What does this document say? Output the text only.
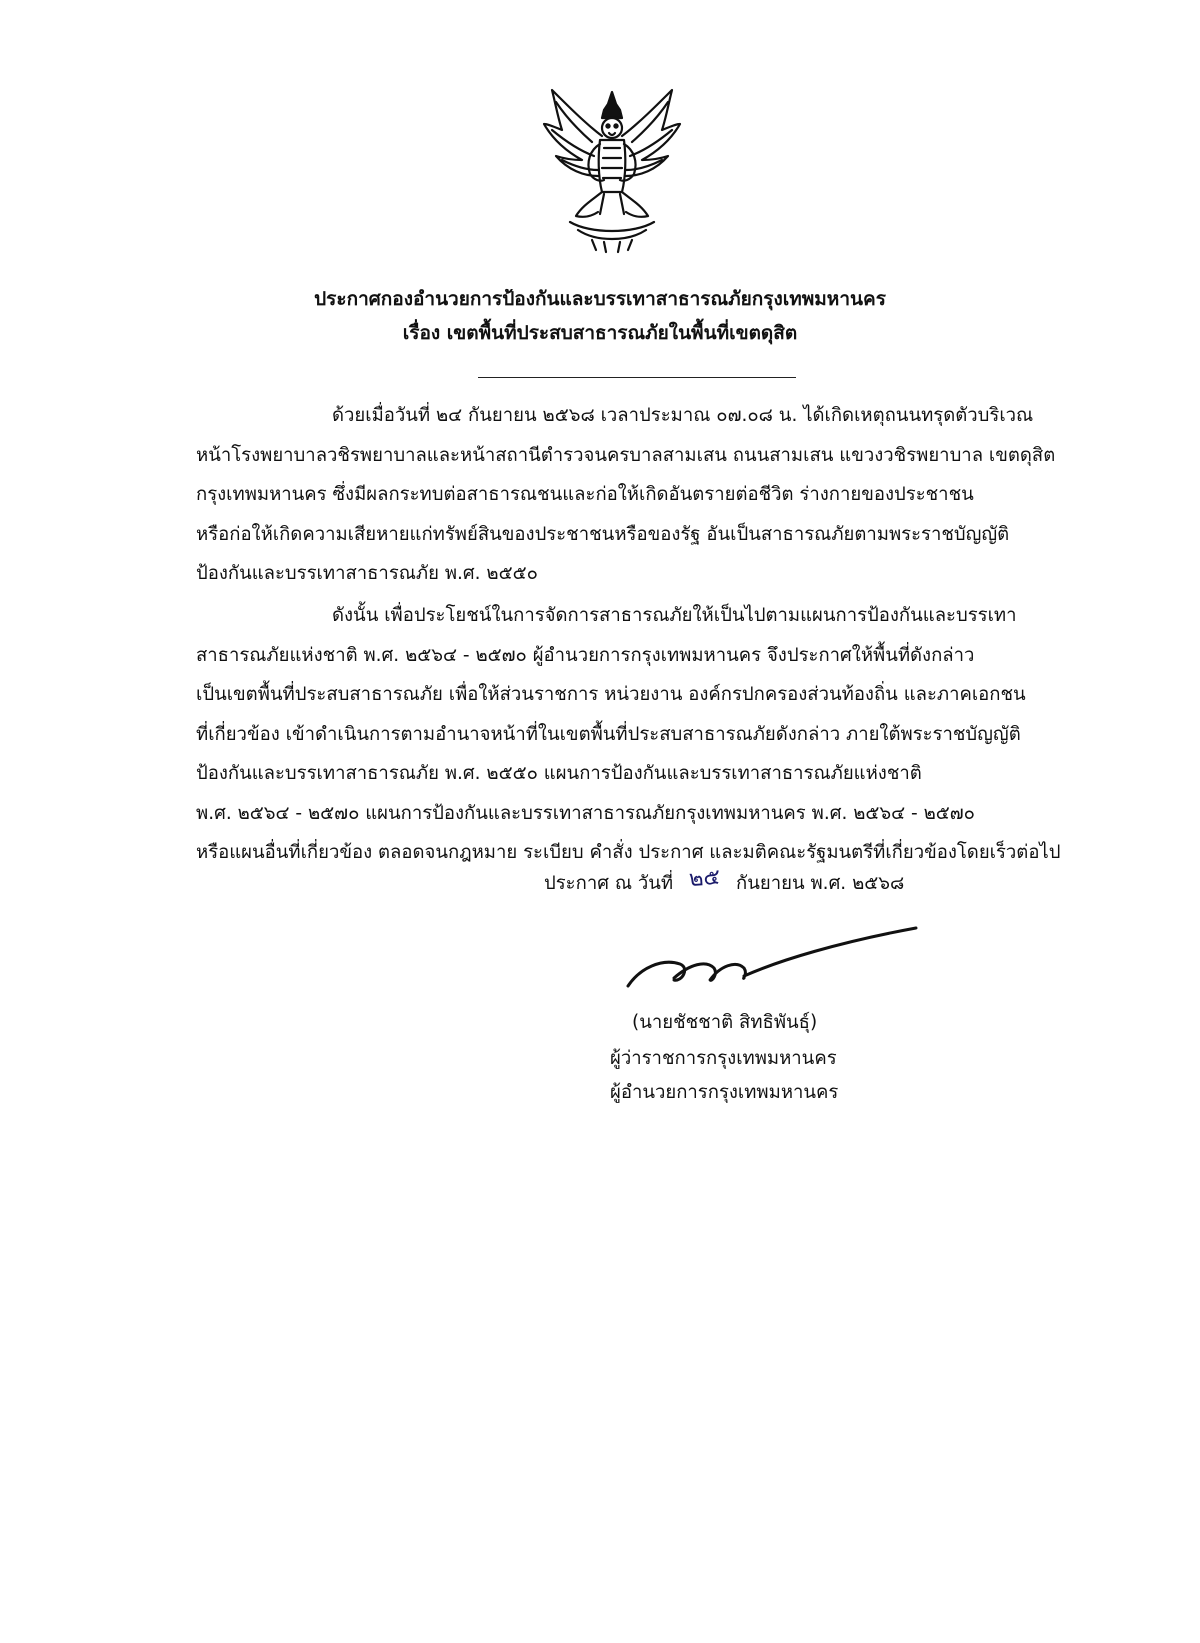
ประกาศกองอำนวยการป้องกันและบรรเทาสาธารณภัยกรุงเทพมหานคร
เรื่อง เขตพื้นที่ประสบสาธารณภัยในพื้นที่เขตดุสิต
ด้วยเมื่อวันที่ ๒๔ กันยายน ๒๕๖๘ เวลาประมาณ ๐๗.๐๘ น. ได้เกิดเหตุถนนทรุดตัวบริเวณ
หน้าโรงพยาบาลวชิรพยาบาลและหน้าสถานีตำรวจนครบาลสามเสน ถนนสามเสน แขวงวชิรพยาบาล เขตดุสิต
กรุงเทพมหานคร ซึ่งมีผลกระทบต่อสาธารณชนและก่อให้เกิดอันตรายต่อชีวิต ร่างกายของประชาชน
หรือก่อให้เกิดความเสียหายแก่ทรัพย์สินของประชาชนหรือของรัฐ อันเป็นสาธารณภัยตามพระราชบัญญัติ
ป้องกันและบรรเทาสาธารณภัย พ.ศ. ๒๕๕๐
ดังนั้น เพื่อประโยชน์ในการจัดการสาธารณภัยให้เป็นไปตามแผนการป้องกันและบรรเทา
สาธารณภัยแห่งชาติ พ.ศ. ๒๕๖๔ - ๒๕๗๐ ผู้อำนวยการกรุงเทพมหานคร จึงประกาศให้พื้นที่ดังกล่าว
เป็นเขตพื้นที่ประสบสาธารณภัย เพื่อให้ส่วนราชการ หน่วยงาน องค์กรปกครองส่วนท้องถิ่น และภาคเอกชน
ที่เกี่ยวข้อง เข้าดำเนินการตามอำนาจหน้าที่ในเขตพื้นที่ประสบสาธารณภัยดังกล่าว ภายใต้พระราชบัญญัติ
ป้องกันและบรรเทาสาธารณภัย พ.ศ. ๒๕๕๐ แผนการป้องกันและบรรเทาสาธารณภัยแห่งชาติ
พ.ศ. ๒๕๖๔ - ๒๕๗๐ แผนการป้องกันและบรรเทาสาธารณภัยกรุงเทพมหานคร พ.ศ. ๒๕๖๔ - ๒๕๗๐
หรือแผนอื่นที่เกี่ยวข้อง ตลอดจนกฎหมาย ระเบียบ คำสั่ง ประกาศ และมติคณะรัฐมนตรีที่เกี่ยวข้องโดยเร็วต่อไป
ประกาศ ณ วันที่ ๒๕ กันยายน พ.ศ. ๒๕๖๘
(นายชัชชาติ สิทธิพันธุ์)
ผู้ว่าราชการกรุงเทพมหานคร
ผู้อำนวยการกรุงเทพมหานคร
